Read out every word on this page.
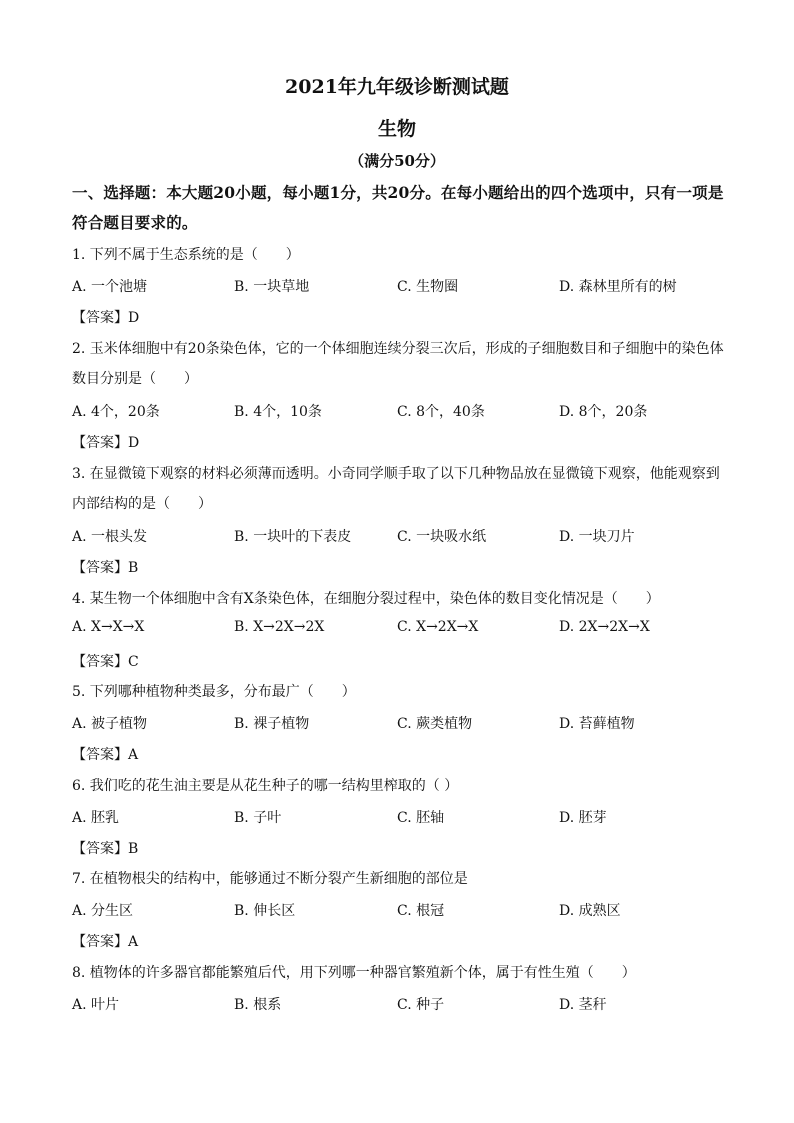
2021年九年级诊断测试题
生物
（满分50分）
一、选择题：本大题20小题，每小题1分，共20分。在每小题给出的四个选项中，只有一项是符合题目要求的。
1. 下列不属于生态系统的是（　　）
A. 一个池塘	B. 一块草地	C. 生物圈	D. 森林里所有的树
【答案】D
2. 玉米体细胞中有20条染色体，它的一个体细胞连续分裂三次后，形成的子细胞数目和子细胞中的染色体数目分别是（　　）
A. 4个，20条	B. 4个，10条	C. 8个，40条	D. 8个，20条
【答案】D
3. 在显微镜下观察的材料必须薄而透明。小奇同学顺手取了以下几种物品放在显微镜下观察，他能观察到内部结构的是（　　）
A. 一根头发	B. 一块叶的下表皮	C. 一块吸水纸	D. 一块刀片
【答案】B
4. 某生物一个体细胞中含有X条染色体，在细胞分裂过程中，染色体的数目变化情况是（　　）
A. X→X→X	B. X→2X→2X	C. X→2X→X	D. 2X→2X→X
【答案】C
5. 下列哪种植物种类最多，分布最广（　　）
A. 被子植物	B. 裸子植物	C. 蕨类植物	D. 苔藓植物
【答案】A
6. 我们吃的花生油主要是从花生种子的哪一结构里榨取的（ ）
A. 胚乳	B. 子叶	C. 胚轴	D. 胚芽
【答案】B
7. 在植物根尖的结构中，能够通过不断分裂产生新细胞的部位是
A. 分生区	B. 伸长区	C. 根冠	D. 成熟区
【答案】A
8. 植物体的许多器官都能繁殖后代，用下列哪一种器官繁殖新个体，属于有性生殖（　　）
A. 叶片	B. 根系	C. 种子	D. 茎秆
